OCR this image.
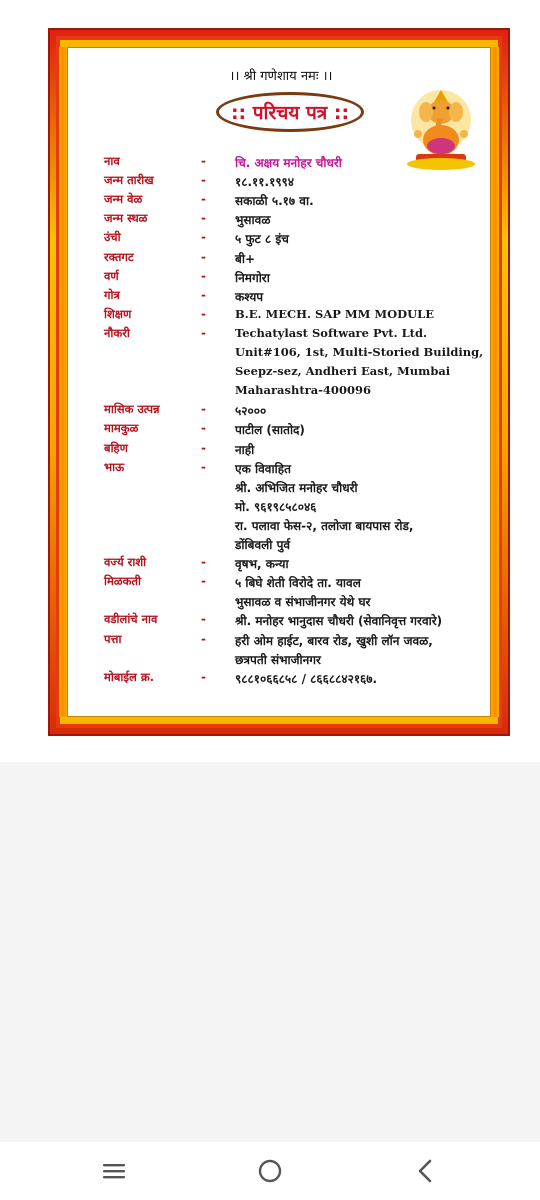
।। श्री गणेशाय नमः ।।
:: परिचय पत्र ::
नाव	- चि. अक्षय मनोहर चौधरी
जन्म तारीख	- १८.११.१९९४
जन्म वेळ	- सकाळी ५.१७ वा.
जन्म स्थळ	- भुसावळ
उंची	- ५ फुट ८ इंच
रक्तगट	- बी+
वर्ण	- निमगोरा
गोत्र	- कश्यप
शिक्षण	-	B.E. MECH. SAP MM MODULE
नौकरी	-	Techatylast Software Pvt. Ltd.
Unit#106, 1st, Multi-Storied Building,
Seepz-sez, Andheri East, Mumbai
Maharashtra-400096
मासिक उत्पन्न	- ५२०००
मामकुळ	- पाटील (सातोद)
बहिण	- नाही
भाऊ	- एक विवाहित
श्री. अभिजित मनोहर चौधरी
मो. ९६१९८५८०४६
रा. पलावा फेस-२, तलोजा बायपास रोड,
डोंबिवली पुर्व
वर्ज्य राशी	- वृषभ, कन्या
मिळकती	- ५ बिघे शेती विरोदे ता. यावल
भुसावळ व संभाजीनगर येथे घर
वडीलांचे नाव	- श्री. मनोहर भानुदास चौधरी (सेवानिवृत्त गरवारे)
पत्ता	- हरी ओम हाईट, बारव रोड, खुशी लॉन जवळ,
छत्रपती संभाजीनगर
मोबाईल क्र.	- ९८८१०६६८५८ / ८६६८८४२१६७.
